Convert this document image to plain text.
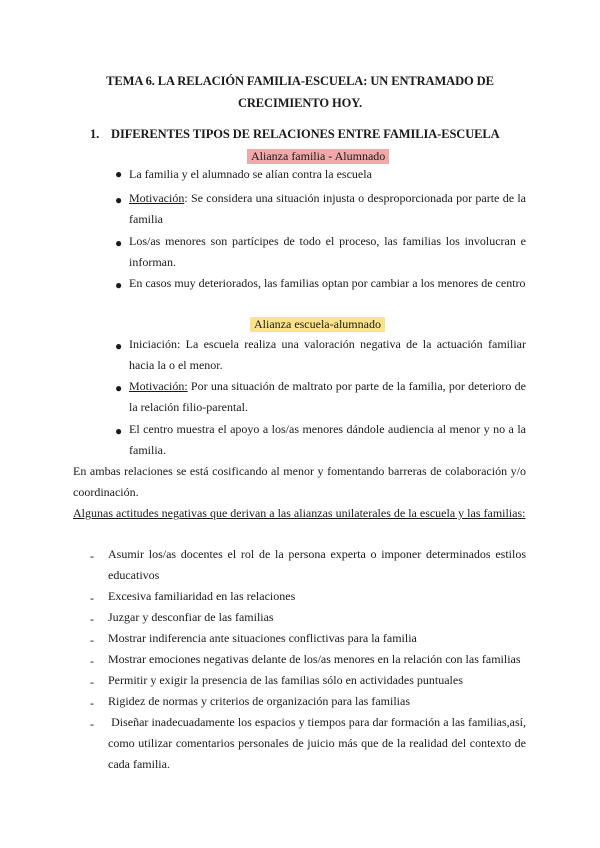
TEMA 6. LA RELACIÓN FAMILIA-ESCUELA: UN ENTRAMADO DE
CRECIMIENTO HOY.
1. DIFERENTES TIPOS DE RELACIONES ENTRE FAMILIA-ESCUELA
Alianza familia - Alumnado
● La familia y el alumnado se alían contra la escuela
● Motivación: Se considera una situación injusta o desproporcionada por parte de la familia
● Los/as menores son partícipes de todo el proceso, las familias los involucran e informan.
● En casos muy deteriorados, las familias optan por cambiar a los menores de centro
Alianza escuela-alumnado
● Iniciación: La escuela realiza una valoración negativa de la actuación familiar hacia la o el menor.
● Motivación: Por una situación de maltrato por parte de la familia, por deterioro de la relación filio-parental.
● El centro muestra el apoyo a los/as menores dándole audiencia al menor y no a la familia.
En ambas relaciones se está cosificando al menor y fomentando barreras de colaboración y/o coordinación.
Algunas actitudes negativas que derivan a las alianzas unilaterales de la escuela y las familias:
- Asumir los/as docentes el rol de la persona experta o imponer determinados estilos educativos
- Excesiva familiaridad en las relaciones
- Juzgar y desconfiar de las familias
- Mostrar indiferencia ante situaciones conflictivas para la familia
- Mostrar emociones negativas delante de los/as menores en la relación con las familias
- Permitir y exigir la presencia de las familias sólo en actividades puntuales
- Rigidez de normas y criterios de organización para las familias
- Diseñar inadecuadamente los espacios y tiempos para dar formación a las familias,así, como utilizar comentarios personales de juicio más que de la realidad del contexto de cada familia.
